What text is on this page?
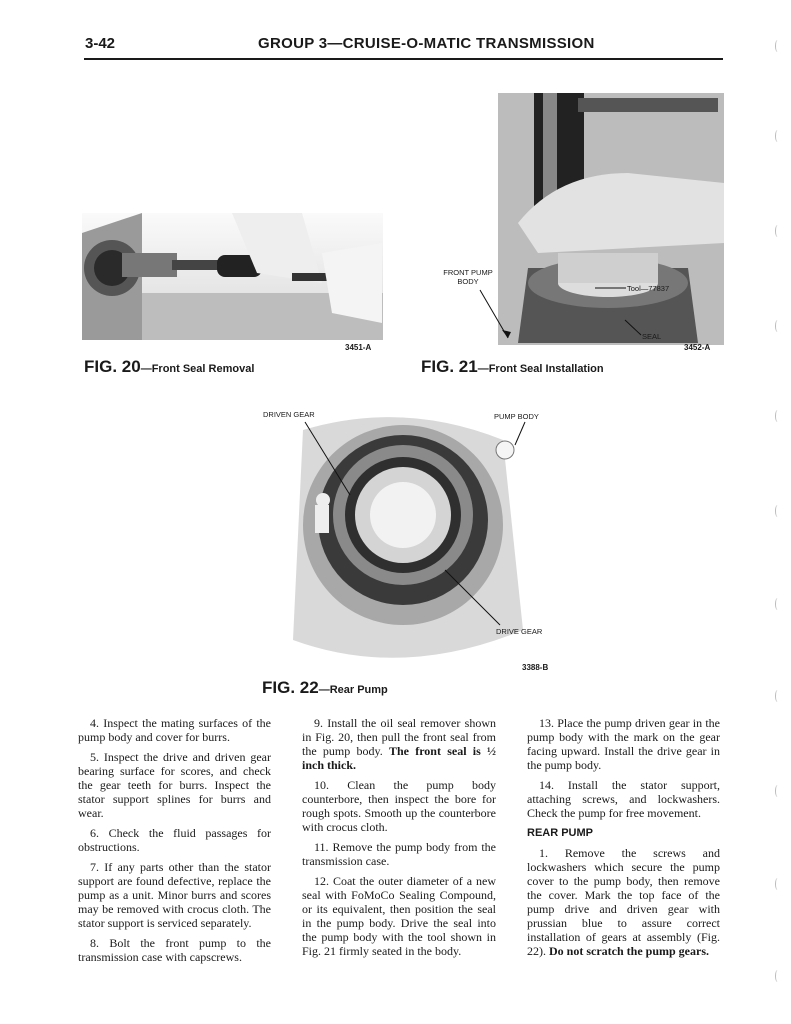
3-42	GROUP 3—CRUISE-O-MATIC TRANSMISSION
3451-A
FIG. 20—Front Seal Removal
FRONT PUMP BODY
Tool—77837
SEAL
3452-A
FIG. 21—Front Seal Installation
DRIVEN GEAR	PUMP BODY
DRIVE GEAR
3388-B
FIG. 22—Rear Pump

4. Inspect the mating surfaces of the pump body and cover for burrs.

5. Inspect the drive and driven gear bearing surface for scores, and check the gear teeth for burrs. Inspect the stator support splines for burrs and wear.

6. Check the fluid passages for obstructions.

7. If any parts other than the stator support are found defective, replace the pump as a unit. Minor burrs and scores may be removed with crocus cloth. The stator support is serviced separately.

8. Bolt the front pump to the transmission case with capscrews.

9. Install the oil seal remover shown in Fig. 20, then pull the front seal from the pump body. The front seal is ½ inch thick.

10. Clean the pump body counterbore, then inspect the bore for rough spots. Smooth up the counterbore with crocus cloth.

11. Remove the pump body from the transmission case.

12. Coat the outer diameter of a new seal with FoMoCo Sealing Compound, or its equivalent, then position the seal in the pump body. Drive the seal into the pump body with the tool shown in Fig. 21 firmly seated in the body.

13. Place the pump driven gear in the pump body with the mark on the gear facing upward. Install the drive gear in the pump body.

14. Install the stator support, attaching screws, and lockwashers. Check the pump for free movement.

REAR PUMP

1. Remove the screws and lockwashers which secure the pump cover to the pump body, then remove the cover. Mark the top face of the pump drive and driven gear with prussian blue to assure correct installation of gears at assembly (Fig. 22). Do not scratch the pump gears.
